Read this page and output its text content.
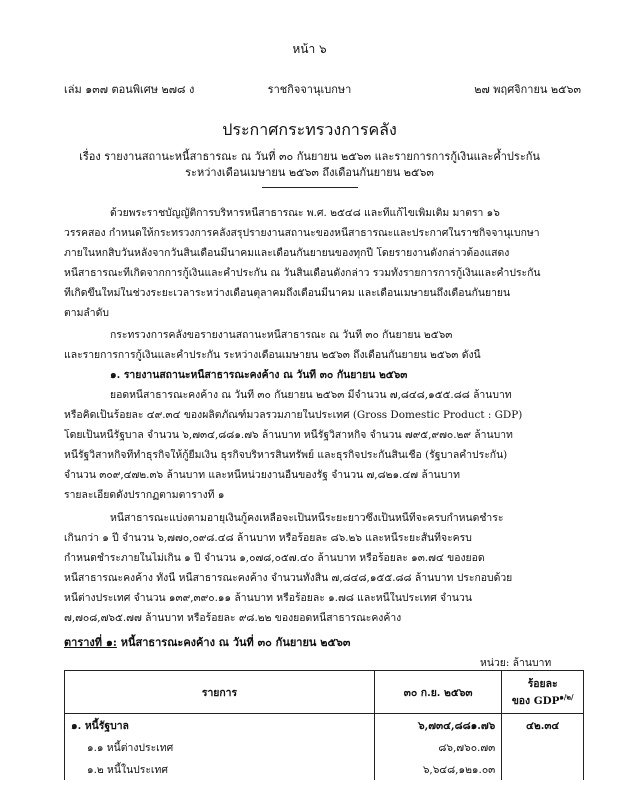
หน้า ๖
เล่ม ๑๓๗ ตอนพิเศษ ๒๗๘ ง	ราชกิจจานุเบกษา	๒๗ พฤศจิกายน ๒๕๖๓
ประกาศกระทรวงการคลัง
เรื่อง รายงานสถานะหนี้สาธารณะ ณ วันที่ ๓๐ กันยายน ๒๕๖๓ และรายการการกู้เงินและค้ำประกัน
ระหว่างเดือนเมษายน ๒๕๖๓ ถึงเดือนกันยายน ๒๕๖๓
ด้วยพระราชบัญญัติการบริหารหนี้สาธารณะ พ.ศ. ๒๕๔๘ และที่แก้ไขเพิ่มเติม มาตรา ๑๖
วรรคสอง กำหนดให้กระทรวงการคลังสรุปรายงานสถานะของหนี้สาธารณะและประกาศในราชกิจจานุเบกษา
ภายในหกสิบวันหลังจากวันสิ้นเดือนมีนาคมและเดือนกันยายนของทุกปี โดยรายงานดังกล่าวต้องแสดง
หนี้สาธารณะที่เกิดจากการกู้เงินและค้ำประกัน ณ วันสิ้นเดือนดังกล่าว รวมทั้งรายการการกู้เงินและค้ำประกัน
ที่เกิดขึ้นใหม่ในช่วงระยะเวลาระหว่างเดือนตุลาคมถึงเดือนมีนาคม และเดือนเมษายนถึงเดือนกันยายน
ตามลำดับ
กระทรวงการคลังขอรายงานสถานะหนี้สาธารณะ ณ วันที่ ๓๐ กันยายน ๒๕๖๓
และรายการการกู้เงินและค้ำประกัน ระหว่างเดือนเมษายน ๒๕๖๓ ถึงเดือนกันยายน ๒๕๖๓ ดังนี้
๑. รายงานสถานะหนี้สาธารณะคงค้าง ณ วันที่ ๓๐ กันยายน ๒๕๖๓
ยอดหนี้สาธารณะคงค้าง ณ วันที่ ๓๐ กันยายน ๒๕๖๓ มีจำนวน ๗,๘๔๘,๑๕๕.๘๘ ล้านบาท
หรือคิดเป็นร้อยละ ๔๙.๓๔ ของผลิตภัณฑ์มวลรวมภายในประเทศ (Gross Domestic Product : GDP)
โดยเป็นหนี้รัฐบาล จำนวน ๖,๗๓๔,๘๘๑.๗๖ ล้านบาท หนี้รัฐวิสาหกิจ จำนวน ๗๙๕,๙๗๐.๒๙ ล้านบาท
หนี้รัฐวิสาหกิจที่ทำธุรกิจให้กู้ยืมเงิน ธุรกิจบริหารสินทรัพย์ และธุรกิจประกันสินเชื่อ (รัฐบาลค้ำประกัน)
จำนวน ๓๐๙,๔๗๒.๓๖ ล้านบาท และหนี้หน่วยงานอื่นของรัฐ จำนวน ๗,๘๒๑.๔๗ ล้านบาท
รายละเอียดดังปรากฏตามตารางที่ ๑
หนี้สาธารณะแบ่งตามอายุเงินกู้คงเหลือจะเป็นหนี้ระยะยาวซึ่งเป็นหนี้ที่จะครบกำหนดชำระ
เกินกว่า ๑ ปี จำนวน ๖,๗๗๐,๐๙๘.๔๘ ล้านบาท หรือร้อยละ ๘๖.๒๖ และหนี้ระยะสั้นที่จะครบ
กำหนดชำระภายในไม่เกิน ๑ ปี จำนวน ๑,๐๗๘,๐๕๗.๔๐ ล้านบาท หรือร้อยละ ๑๓.๗๔ ของยอด
หนี้สาธารณะคงค้าง ทั้งนี้ หนี้สาธารณะคงค้าง จำนวนทั้งสิ้น ๗,๘๔๘,๑๕๕.๘๘ ล้านบาท ประกอบด้วย
หนี้ต่างประเทศ จำนวน ๑๓๙,๓๙๐.๑๑ ล้านบาท หรือร้อยละ ๑.๗๘ และหนี้ในประเทศ จำนวน
๗,๗๐๘,๗๖๕.๗๗ ล้านบาท หรือร้อยละ ๙๘.๒๒ ของยอดหนี้สาธารณะคงค้าง
ตารางที่ ๑: หนี้สาธารณะคงค้าง ณ วันที่ ๓๐ กันยายน ๒๕๖๓
หน่วย: ล้านบาท
รายการ	๓๐ ก.ย. ๒๕๖๓	ร้อยละ
ของ $GDP^{๑/๒/}$

๑. หนี้รัฐบาล	๖,๗๓๔,๘๘๑.๗๖	๔๒.๓๔
๑.๑ หนี้ต่างประเทศ	๘๖,๗๖๐.๗๓	
๑.๒ หนี้ในประเทศ	๖,๖๔๘,๑๒๑.๐๓	
